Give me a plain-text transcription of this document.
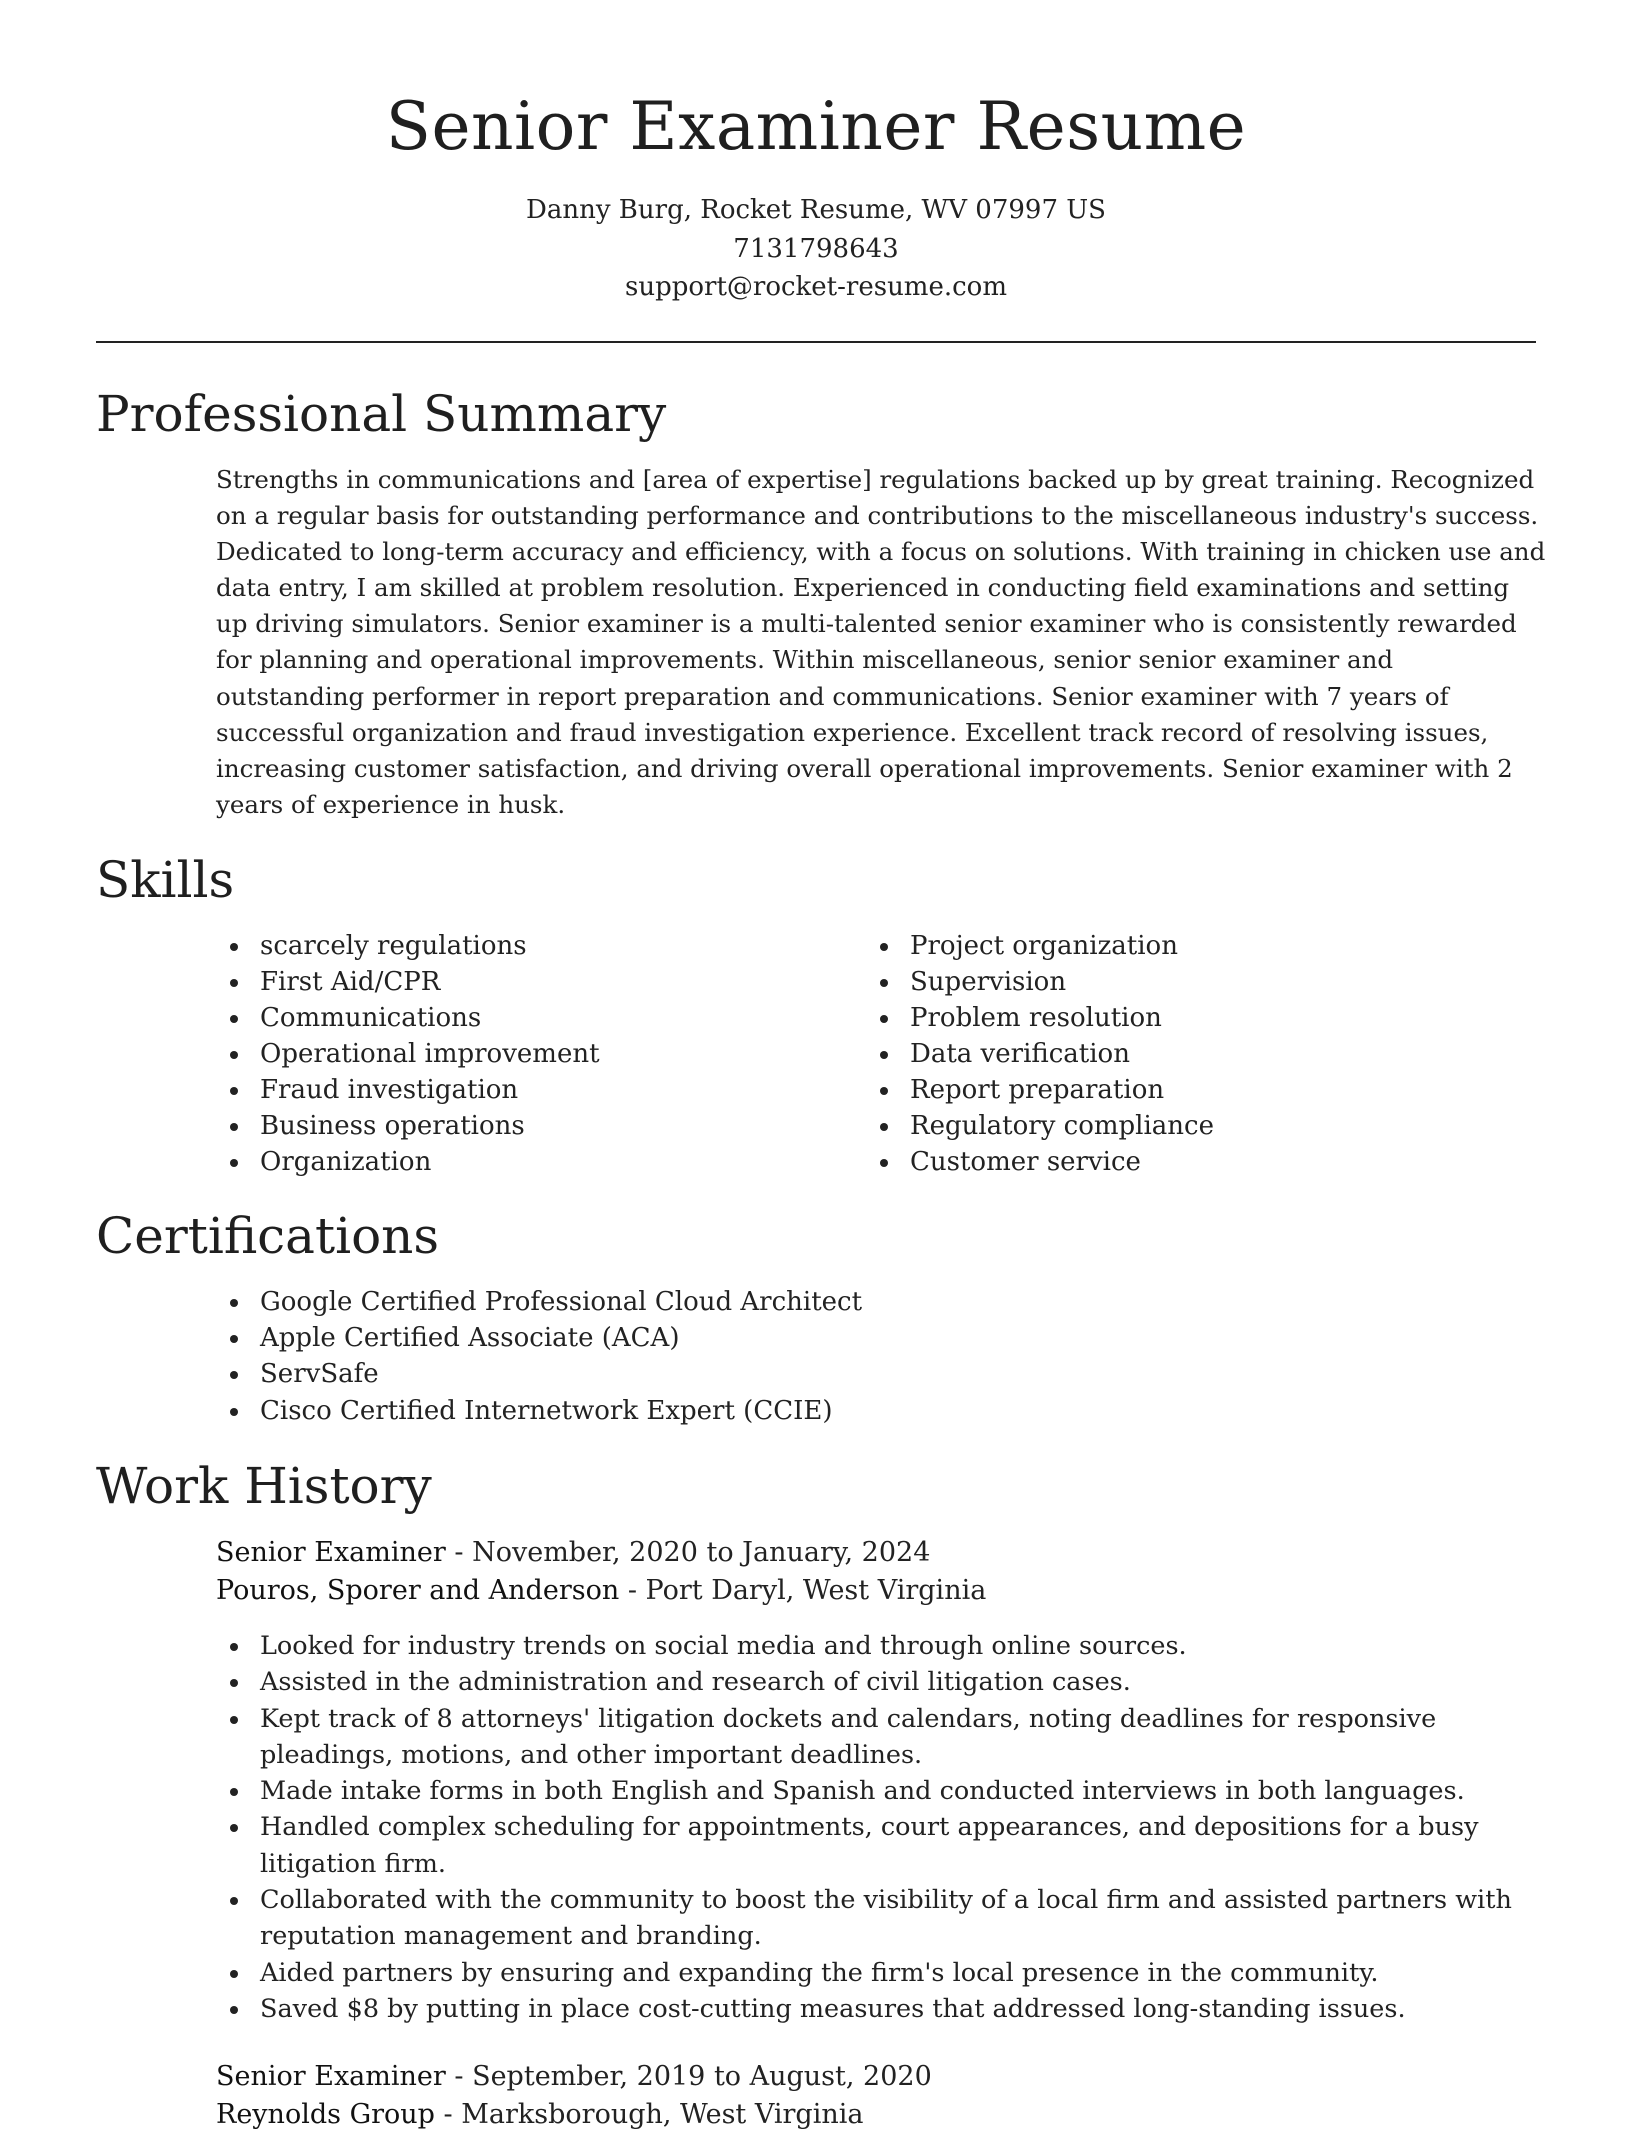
Senior Examiner Resume
Danny Burg, Rocket Resume, WV 07997 US
7131798643
support@rocket-resume.com
Professional Summary

Strengths in communications and [area of expertise] regulations backed up by great training. Recognized on a regular basis for outstanding performance and contributions to the miscellaneous industry's success. Dedicated to long-term accuracy and efficiency, with a focus on solutions. With training in chicken use and data entry, I am skilled at problem resolution. Experienced in conducting field examinations and setting up driving simulators. Senior examiner is a multi-talented senior examiner who is consistently rewarded for planning and operational improvements. Within miscellaneous, senior senior examiner and outstanding performer in report preparation and communications. Senior examiner with 7 years of successful organization and fraud investigation experience. Excellent track record of resolving issues, increasing customer satisfaction, and driving overall operational improvements. Senior examiner with 2 years of experience in husk.

Skills
scarcely regulations
First Aid/CPR
Communications
Operational improvement
Fraud investigation
Business operations
Organization
Project organization
Supervision
Problem resolution
Data verification
Report preparation
Regulatory compliance
Customer service
Certifications
Google Certified Professional Cloud Architect
Apple Certified Associate (ACA)
ServSafe
Cisco Certified Internetwork Expert (CCIE)
Work History
Senior Examiner - November, 2020 to January, 2024
Pouros, Sporer and Anderson - Port Daryl, West Virginia
Looked for industry trends on social media and through online sources.
Assisted in the administration and research of civil litigation cases.
Kept track of 8 attorneys' litigation dockets and calendars, noting deadlines for responsive pleadings, motions, and other important deadlines.
Made intake forms in both English and Spanish and conducted interviews in both languages.
Handled complex scheduling for appointments, court appearances, and depositions for a busy litigation firm.
Collaborated with the community to boost the visibility of a local firm and assisted partners with reputation management and branding.
Aided partners by ensuring and expanding the firm's local presence in the community.
Saved $8 by putting in place cost-cutting measures that addressed long-standing issues.
Senior Examiner - September, 2019 to August, 2020
Reynolds Group - Marksborough, West Virginia
